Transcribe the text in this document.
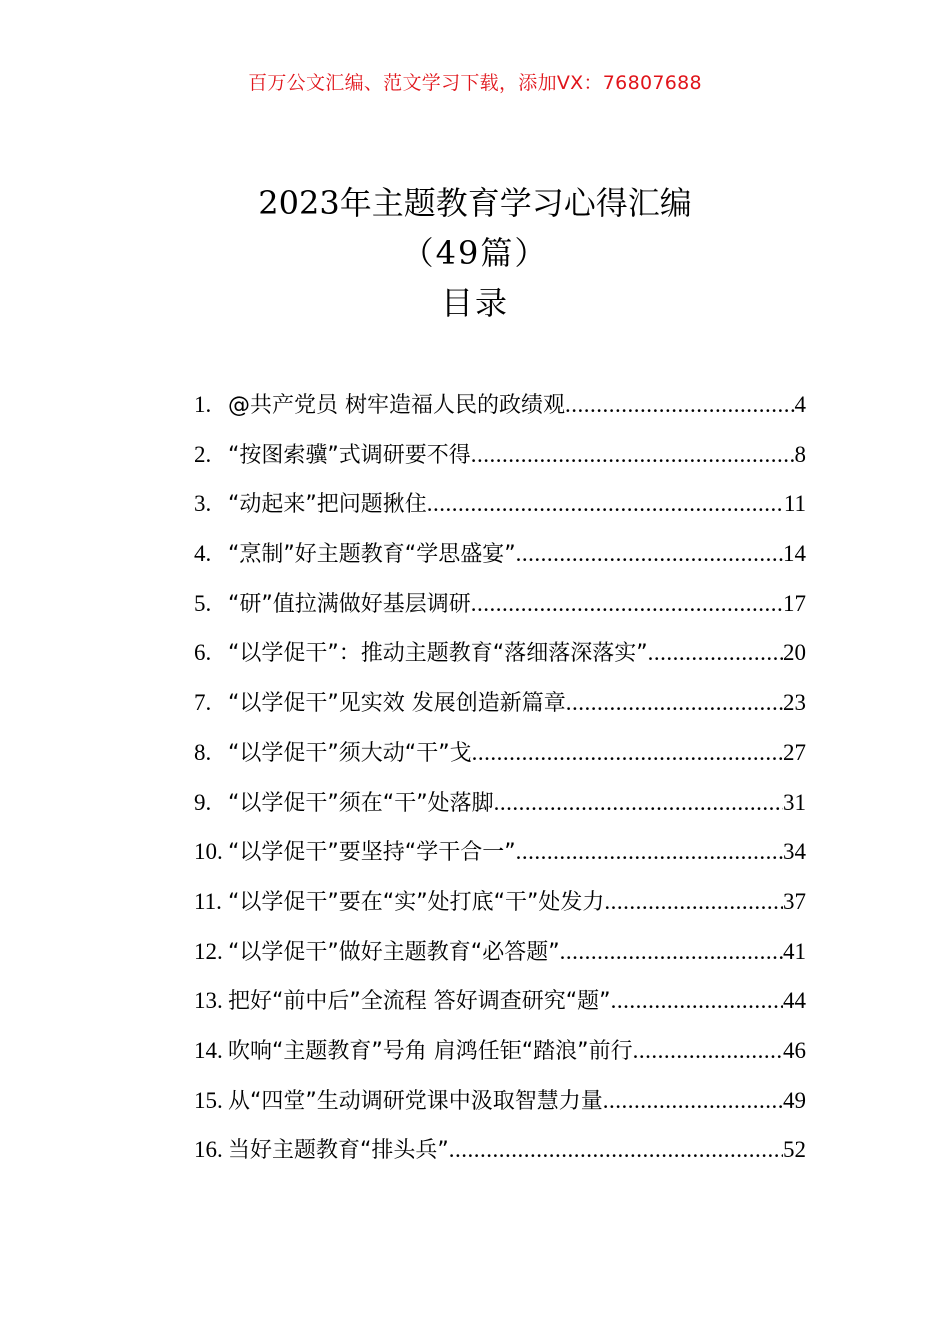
百万公文汇编、范文学习下载，添加VX：76807688
2023年主题教育学习心得汇编
（49篇）
目录
1. @共产党员 树牢造福人民的政绩观 .....	4
2. “按图索骥”式调研要不得 .....	8
3. “动起来”把问题揪住 .....	11
4. “烹制”好主题教育“学思盛宴” .....	14
5. “研”值拉满做好基层调研 .....	17
6. “以学促干”：推动主题教育“落细落深落实” .....	20
7. “以学促干”见实效 发展创造新篇章 .....	23
8. “以学促干”须大动“干”戈 .....	27
9. “以学促干”须在“干”处落脚 .....	31
10. “以学促干”要坚持“学干合一” .....	34
11. “以学促干”要在“实”处打底“干”处发力 .....	37
12. “以学促干”做好主题教育“必答题” .....	41
13. 把好“前中后”全流程 答好调查研究“题” .....	44
14. 吹响“主题教育”号角 肩鸿任钜“踏浪”前行 .....	46
15. 从“四堂”生动调研党课中汲取智慧力量 .....	49
16. 当好主题教育“排头兵” .....	52
